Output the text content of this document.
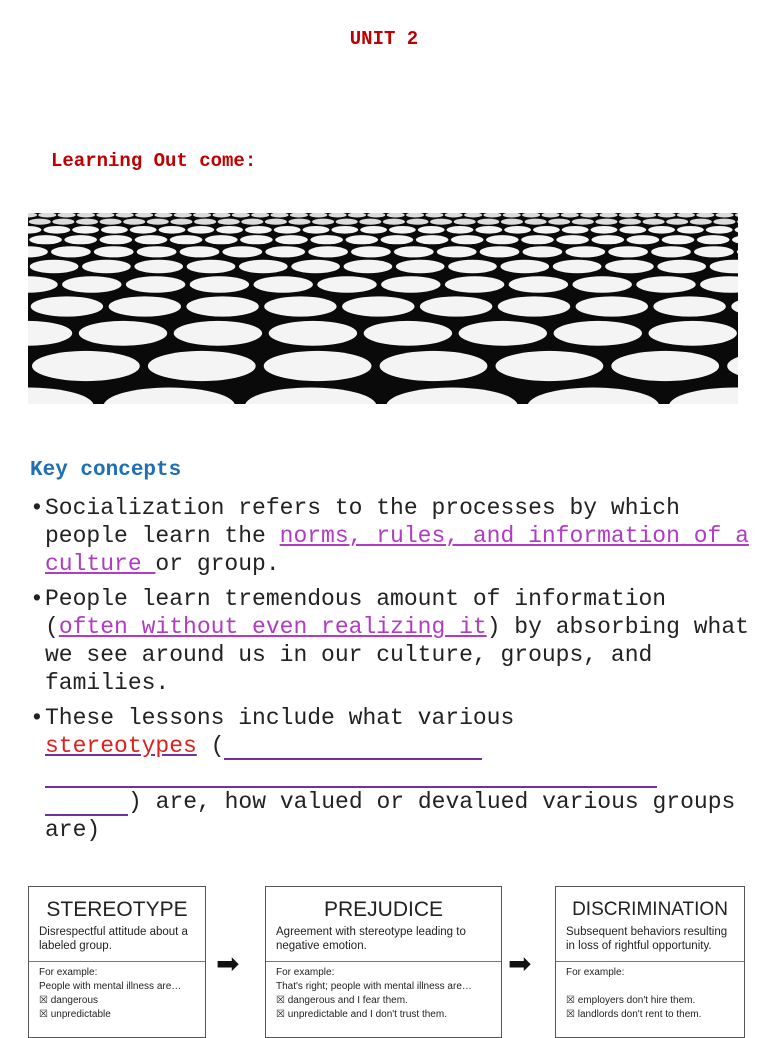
UNIT 2
Learning Out come:
Key concepts
• Socialization refers to the processes by which people learn the norms, rules, and information of a culture or group.
• People learn tremendous amount of information (often without even realizing it) by absorbing what we see around us in our culture, groups, and families.
• These lessons include what various
stereotypes (

) are, how valued or devalued various groups are)
STEREOTYPE
Disrespectful attitude about a labeled group.
For example:
People with mental illness are…
☒ dangerous
☒ unpredictable
➡
PREJUDICE
Agreement with stereotype leading to negative emotion.
For example:
That's right; people with mental illness are…
☒ dangerous and I fear them.
☒ unpredictable and I don't trust them.
➡
DISCRIMINATION
Subsequent behaviors resulting in loss of rightful opportunity.
For example:
☒ employers don't hire them.
☒ landlords don't rent to them.
